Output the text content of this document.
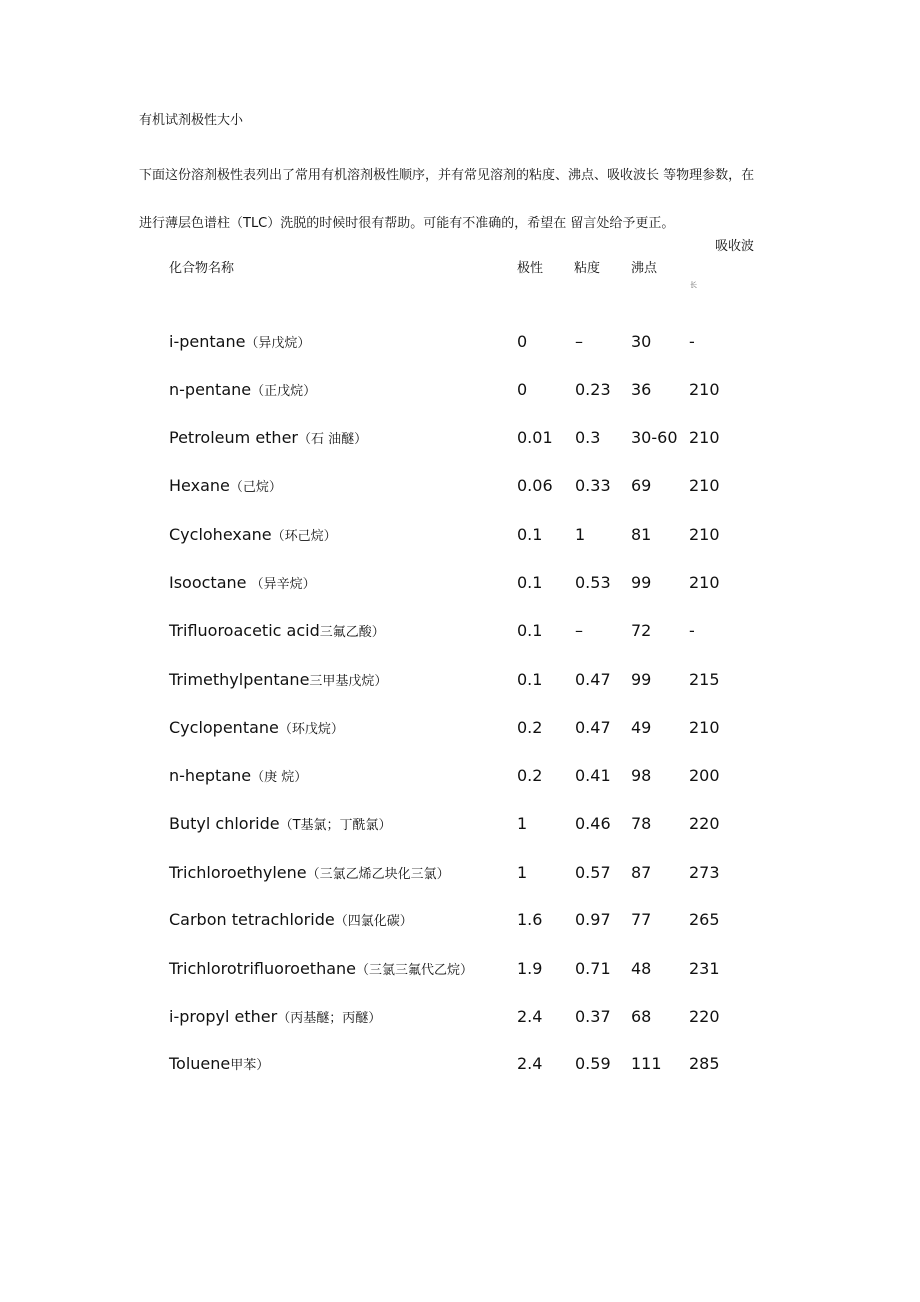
有机试剂极性大小
下面这份溶剂极性表列出了常用有机溶剂极性顺序，并有常见溶剂的粘度、沸点、吸收波长 等物理参数，在
进行薄层色谱柱（TLC）洗脱的时候时很有帮助。可能有不准确的，希望在 留言处给予更正。
化合物名称	极性 粘度 沸点
吸收波
长
i-pentane（异戊烷）	0	–	30 -
n-pentane（正戊烷）	0	0.23 36 210
Petroleum ether（石 油醚）	0.01 0.3 30-60 210
Hexane（己烷）	0.06 0.33 69 210
Cyclohexane（环己烷）	0.1 1	81 210
Isooctane （异辛烷）	0.1 0.53 99 210
Trifluoroacetic acid三氟乙酸）	0.1 –	72 -
Trimethylpentane三甲基戊烷）	0.1 0.47 99 215
Cyclopentane（环戊烷）	0.2 0.47 49 210
n-heptane（庚 烷）	0.2 0.41 98 200
Butyl chloride（T基氯；丁酰氯）	1	0.46 78 220
Trichloroethylene（三氯乙烯乙块化三氯）	1	0.57 87 273
Carbon tetrachloride（四氯化碳）	1.6 0.97 77 265
Trichlorotrifluoroethane（三氯三氟代乙烷）	1.9 0.71 48 231
i-propyl ether（丙基醚；丙醚）	2.4 0.37 68 220
Toluene甲苯）	2.4 0.59 111 285
